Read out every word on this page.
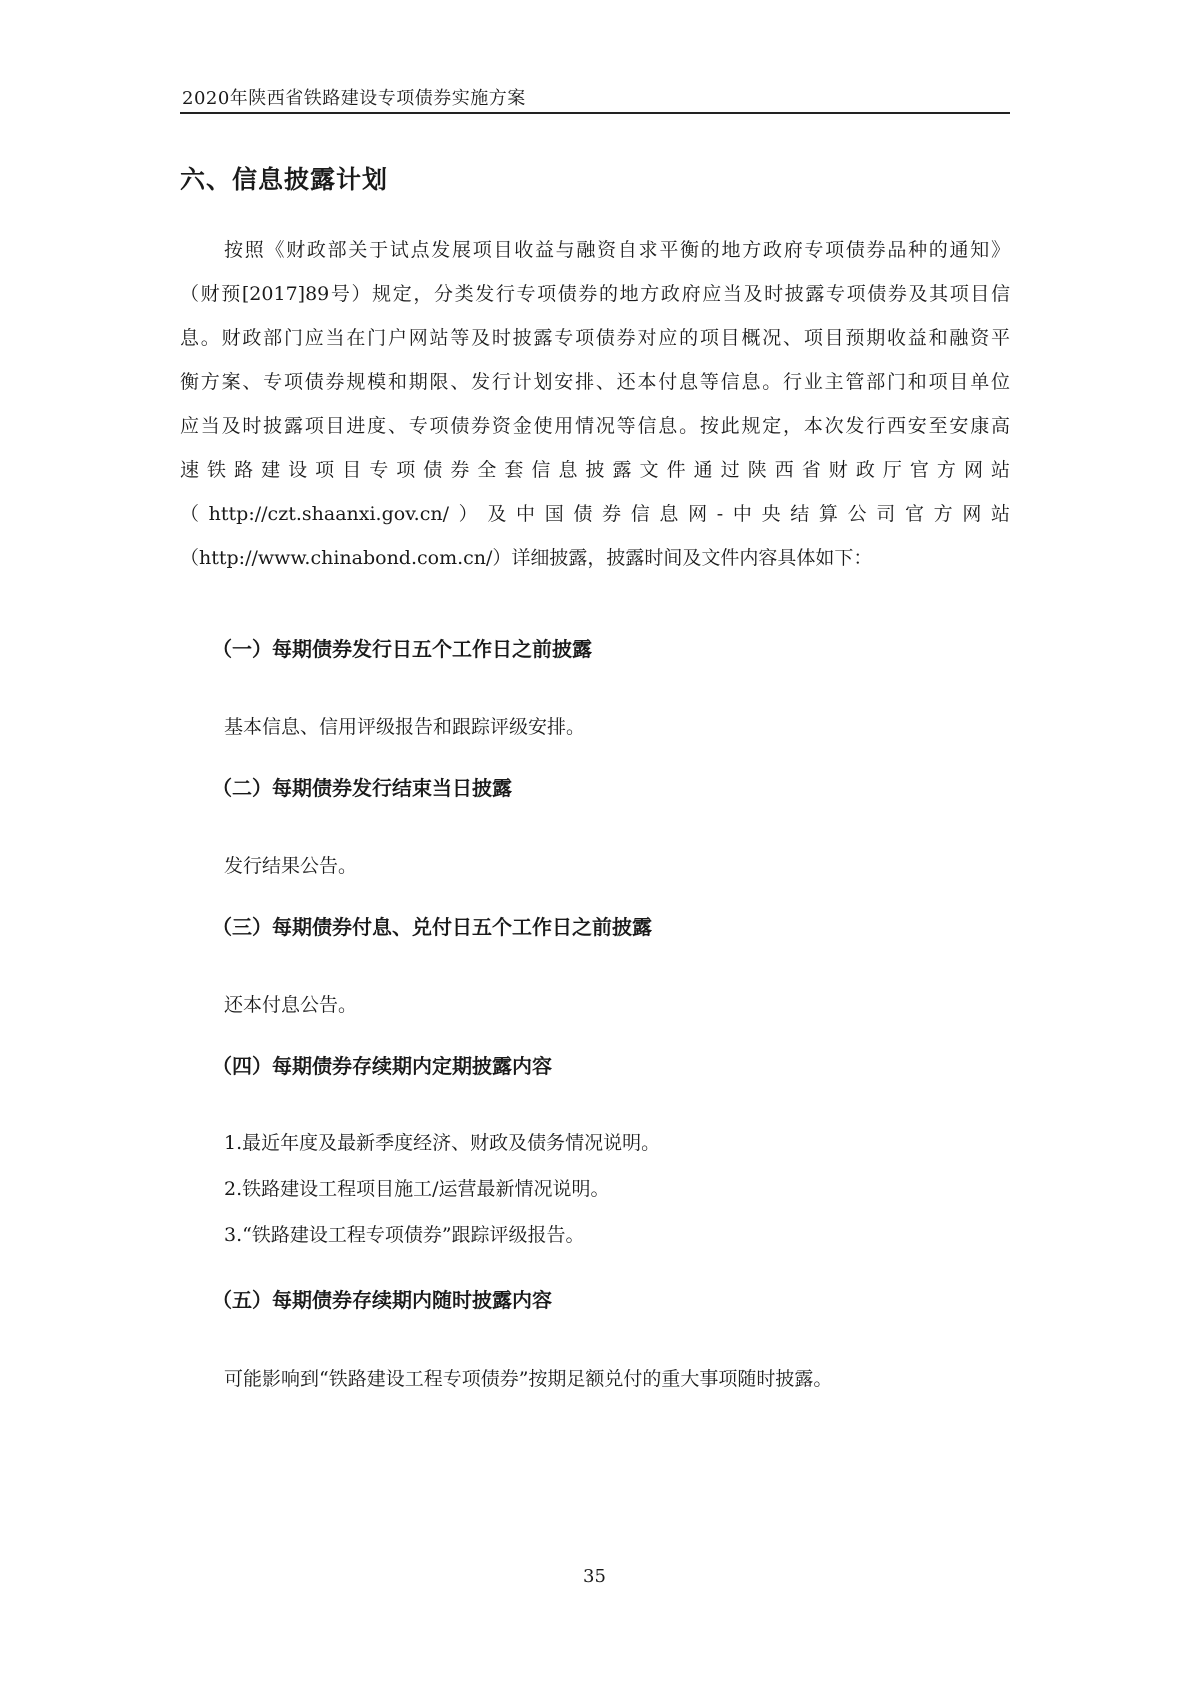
2020年陕西省铁路建设专项债券实施方案
六、信息披露计划
按照《财政部关于试点发展项目收益与融资自求平衡的地方政府专项债券品种的通知》
（财预[2017]89号）规定，分类发行专项债券的地方政府应当及时披露专项债券及其项目信
息。财政部门应当在门户网站等及时披露专项债券对应的项目概况、项目预期收益和融资平
衡方案、专项债券规模和期限、发行计划安排、还本付息等信息。行业主管部门和项目单位
应当及时披露项目进度、专项债券资金使用情况等信息。按此规定，本次发行西安至安康高
速铁路建设项目专项债券全套信息披露文件通过陕西省财政厅官方网站
（http://czt.shaanxi.gov.cn/）及中国债券信息网-中央结算公司官方网站
（http://www.chinabond.com.cn/）详细披露，披露时间及文件内容具体如下：
（一）每期债券发行日五个工作日之前披露
基本信息、信用评级报告和跟踪评级安排。
（二）每期债券发行结束当日披露
发行结果公告。
（三）每期债券付息、兑付日五个工作日之前披露
还本付息公告。
（四）每期债券存续期内定期披露内容
1.最近年度及最新季度经济、财政及债务情况说明。
2.铁路建设工程项目施工/运营最新情况说明。
3.“铁路建设工程专项债券”跟踪评级报告。
（五）每期债券存续期内随时披露内容
可能影响到“铁路建设工程专项债券”按期足额兑付的重大事项随时披露。
35
